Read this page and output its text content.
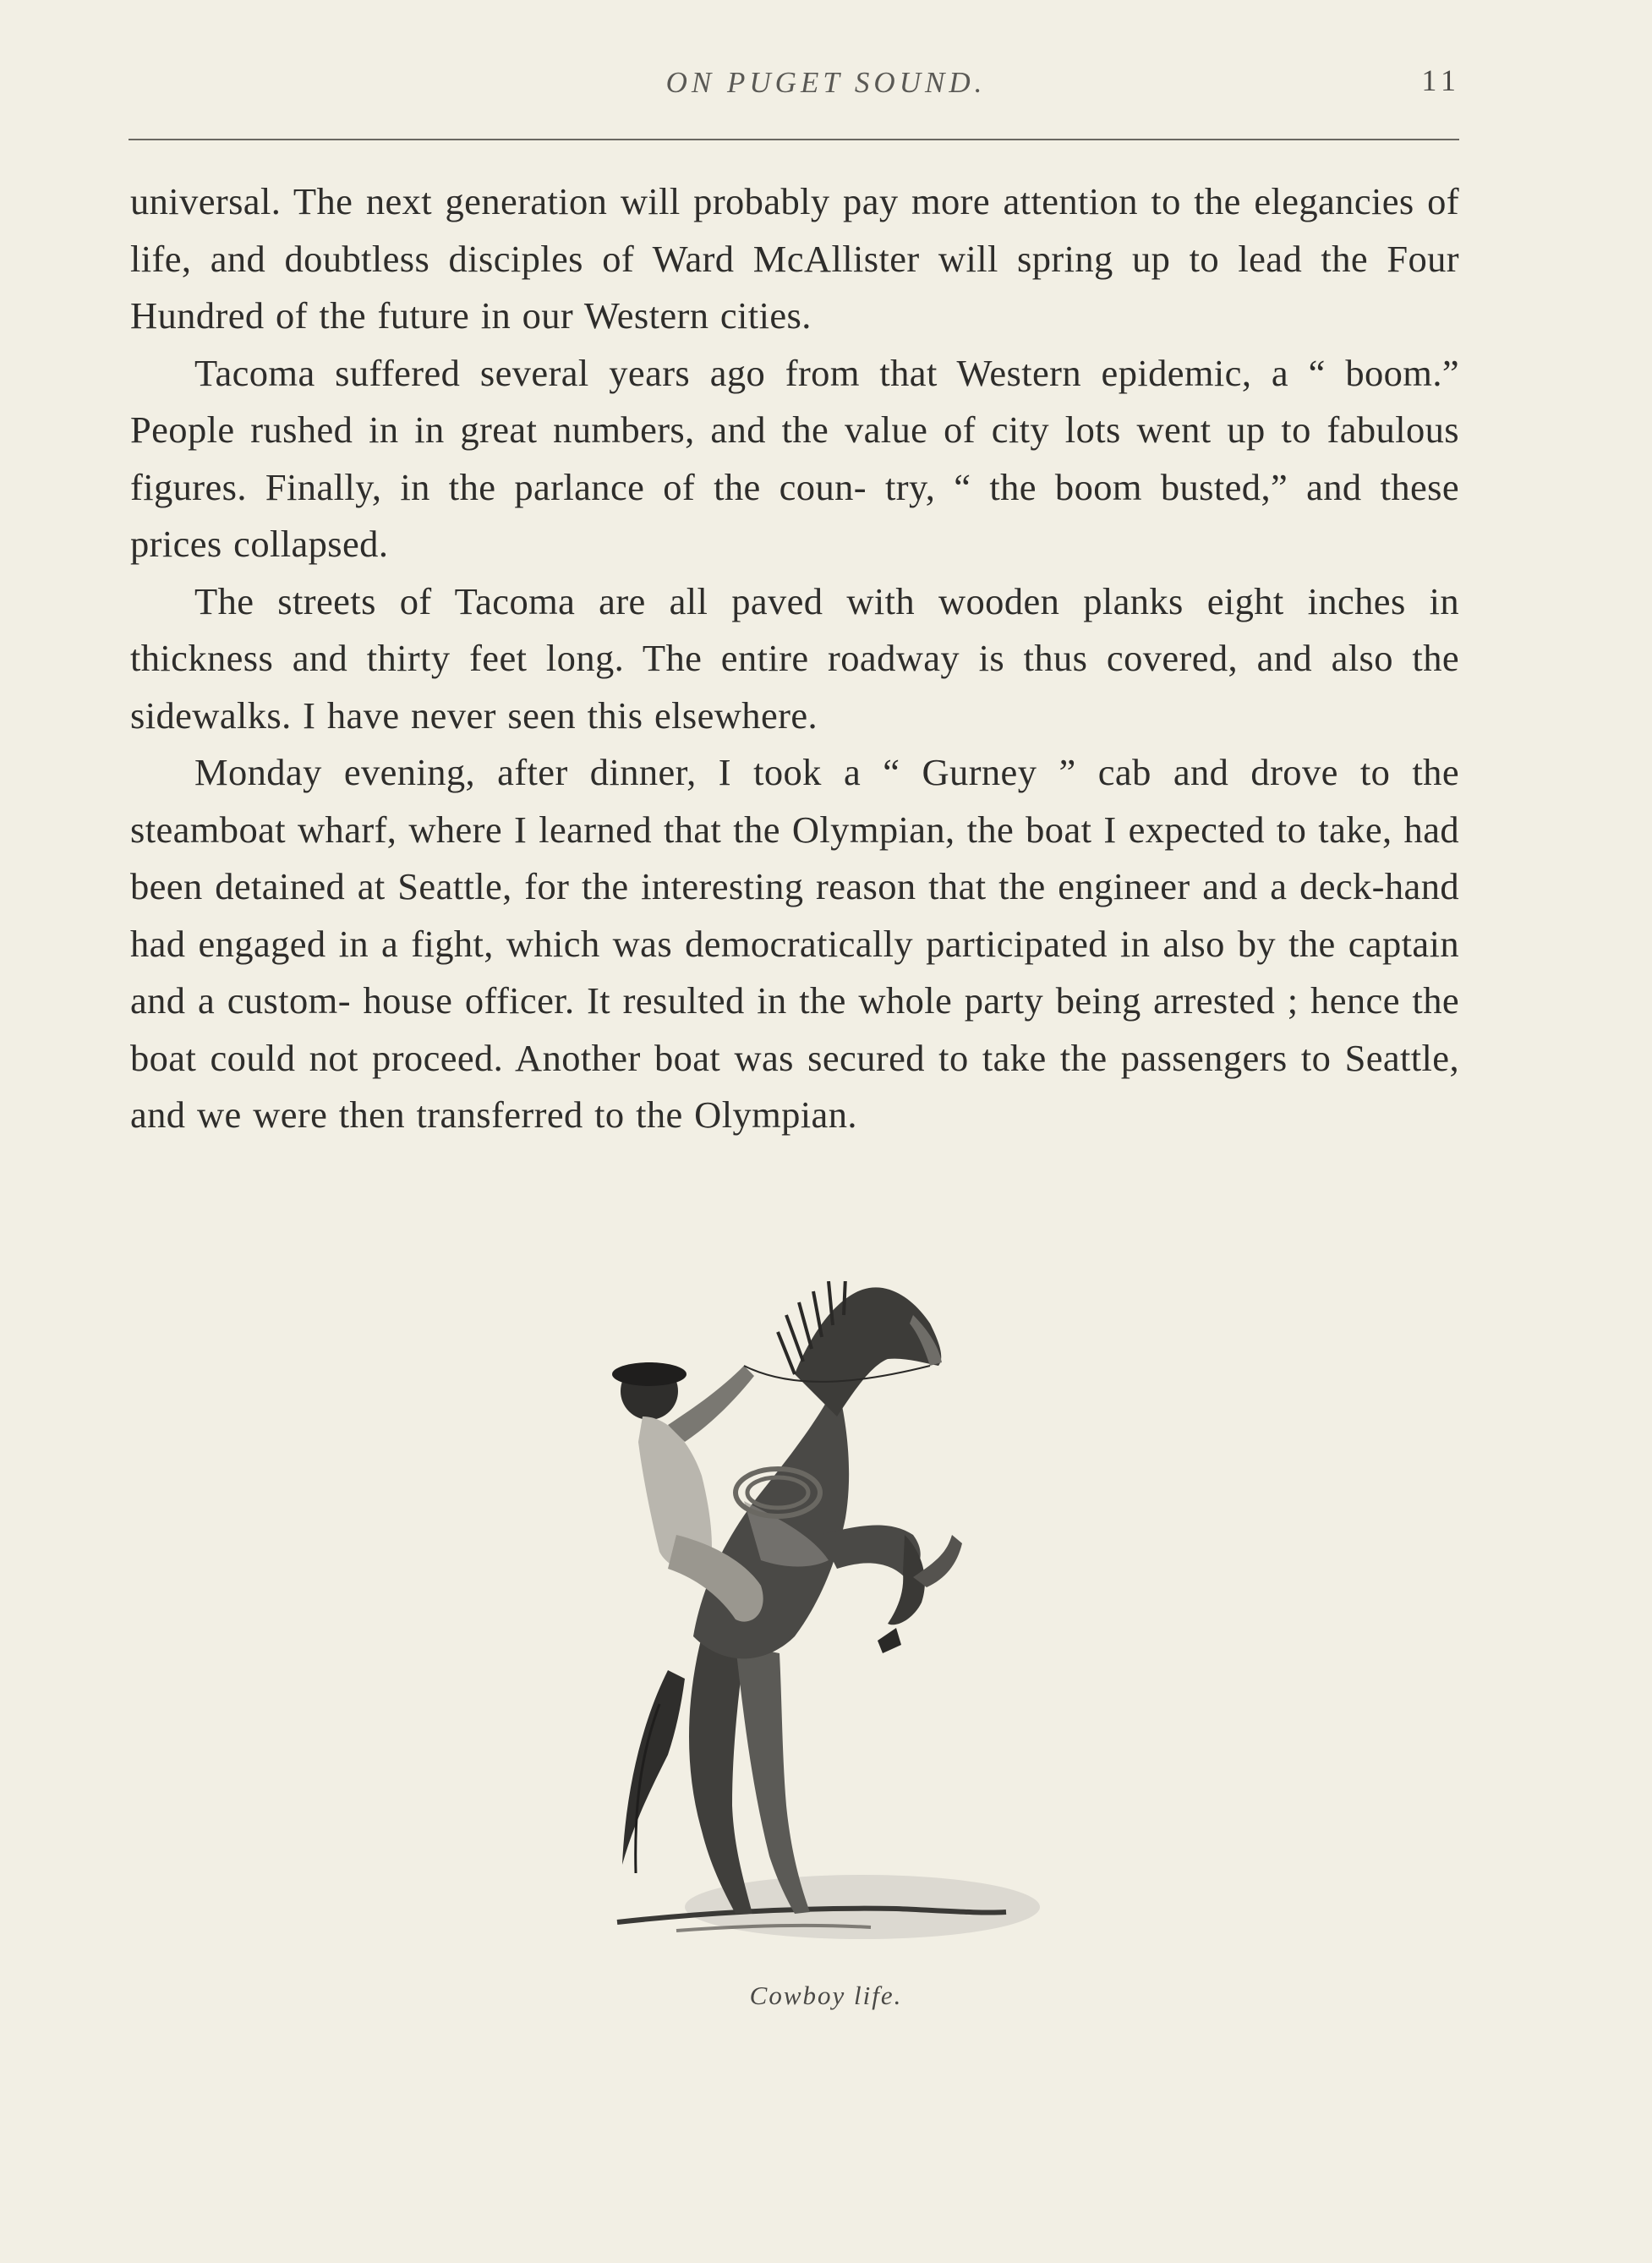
ON PUGET SOUND.	11

universal. The next generation will probably pay more attention to the elegancies of life, and doubtless disciples of Ward McAllister will spring up to lead the Four Hundred of the future in our Western cities.

Tacoma suffered several years ago from that Western epidemic, a “ boom.” People rushed in in great numbers, and the value of city lots went up to fabulous figures. Finally, in the parlance of the coun- try, “ the boom busted,” and these prices collapsed.

The streets of Tacoma are all paved with wooden planks eight inches in thickness and thirty feet long. The entire roadway is thus covered, and also the sidewalks. I have never seen this elsewhere.

Monday evening, after dinner, I took a “ Gurney ” cab and drove to the steamboat wharf, where I learned that the Olympian, the boat I expected to take, had been detained at Seattle, for the interesting reason that the engineer and a deck-hand had engaged in a fight, which was democratically participated in also by the captain and a custom- house officer. It resulted in the whole party being arrested ; hence the boat could not proceed. Another boat was secured to take the passengers to Seattle, and we were then transferred to the Olympian.

Cowboy life.
